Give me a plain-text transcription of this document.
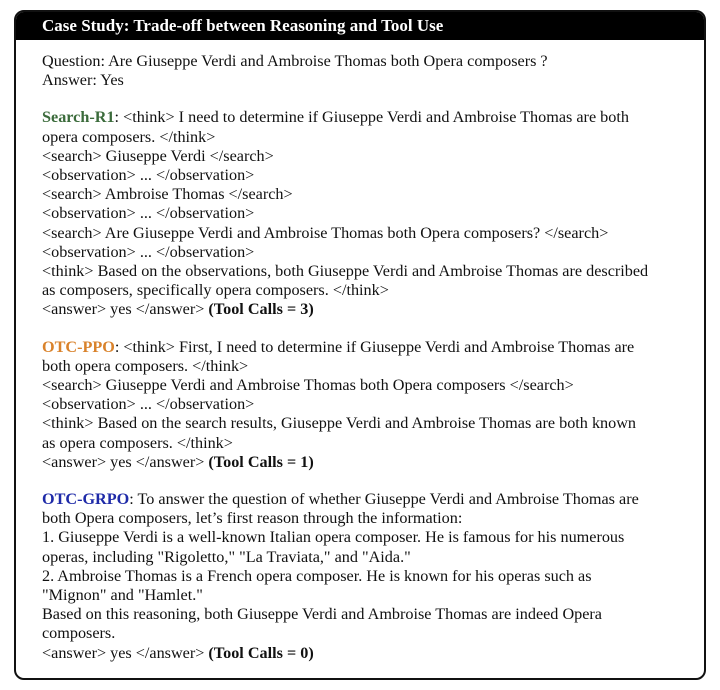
Case Study: Trade-off between Reasoning and Tool Use
Question: Are Giuseppe Verdi and Ambroise Thomas both Opera composers ?
Answer: Yes
Search-R1: <think> I need to determine if Giuseppe Verdi and Ambroise Thomas are both
opera composers. </think>
<search> Giuseppe Verdi </search>
<observation> ... </observation>
<search> Ambroise Thomas </search>
<observation> ... </observation>
<search> Are Giuseppe Verdi and Ambroise Thomas both Opera composers? </search>
<observation> ... </observation>
<think> Based on the observations, both Giuseppe Verdi and Ambroise Thomas are described
as composers, specifically opera composers. </think>
<answer> yes </answer> (Tool Calls = 3)
OTC-PPO: <think> First, I need to determine if Giuseppe Verdi and Ambroise Thomas are
both opera composers. </think>
<search> Giuseppe Verdi and Ambroise Thomas both Opera composers </search>
<observation> ... </observation>
<think> Based on the search results, Giuseppe Verdi and Ambroise Thomas are both known
as opera composers. </think>
<answer> yes </answer> (Tool Calls = 1)
OTC-GRPO: To answer the question of whether Giuseppe Verdi and Ambroise Thomas are
both Opera composers, let’s first reason through the information:
1. Giuseppe Verdi is a well-known Italian opera composer. He is famous for his numerous
operas, including "Rigoletto," "La Traviata," and "Aida."
2. Ambroise Thomas is a French opera composer. He is known for his operas such as
"Mignon" and "Hamlet."
Based on this reasoning, both Giuseppe Verdi and Ambroise Thomas are indeed Opera
composers.
<answer> yes </answer> (Tool Calls = 0)
